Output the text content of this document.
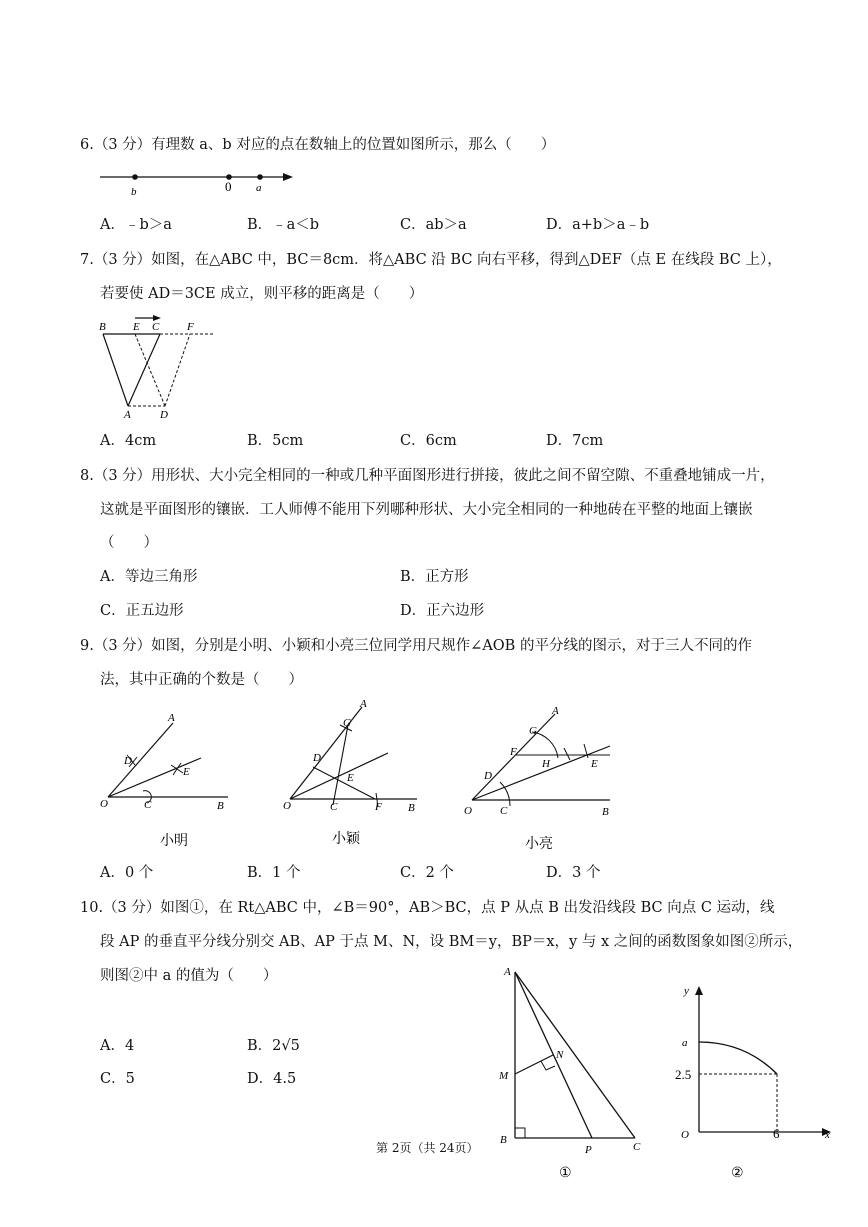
6.（3 分）有理数 a、b 对应的点在数轴上的位置如图所示，那么（　　）
b	0 a
A．﹣b＞a	B．﹣a＜b	C．ab＞a	D．a+b＞a﹣b
7.（3 分）如图，在△ABC 中，BC＝8cm．将△ABC 沿 BC 向右平移，得到△DEF（点 E 在线段 BC 上），
若要使 AD＝3CE 成立，则平移的距离是（　　）
B E C	F
A	D
A．4cm	B．5cm	C．6cm	D．7cm
8.（3 分）用形状、大小完全相同的一种或几种平面图形进行拼接，彼此之间不留空隙、不重叠地铺成一片，
这就是平面图形的镶嵌．工人师傅不能用下列哪种形状、大小完全相同的一种地砖在平整的地面上镶嵌
（　　）
A．等边三角形	B．正方形
C．正五边形	D．正六边形
9.（3 分）如图，分别是小明、小颖和小亮三位同学用尺规作∠AOB 的平分线的图示，对于三人不同的作
法，其中正确的个数是（　　）
A
D
E
O	C	B
小明
A
G
D
E
O	C	F B
小颖
A
G
F
H	E
D
O	C	B
小亮
A．0 个	B．1 个	C．2 个	D．3 个
10.（3 分）如图①，在 Rt△ABC 中，∠B＝90°，AB＞BC，点 P 从点 B 出发沿线段 BC 向点 C 运动，线
段 AP 的垂直平分线分别交 AB、AP 于点 M、N，设 BM＝y，BP＝x，y 与 x 之间的函数图象如图②所示，
则图②中 a 的值为（　　）
A．4	B．2√5
C．5	D．4.5
A
M
N
B
P	C
①
y
a
2.5
O	6	x
②
第 2页（共 24页）
